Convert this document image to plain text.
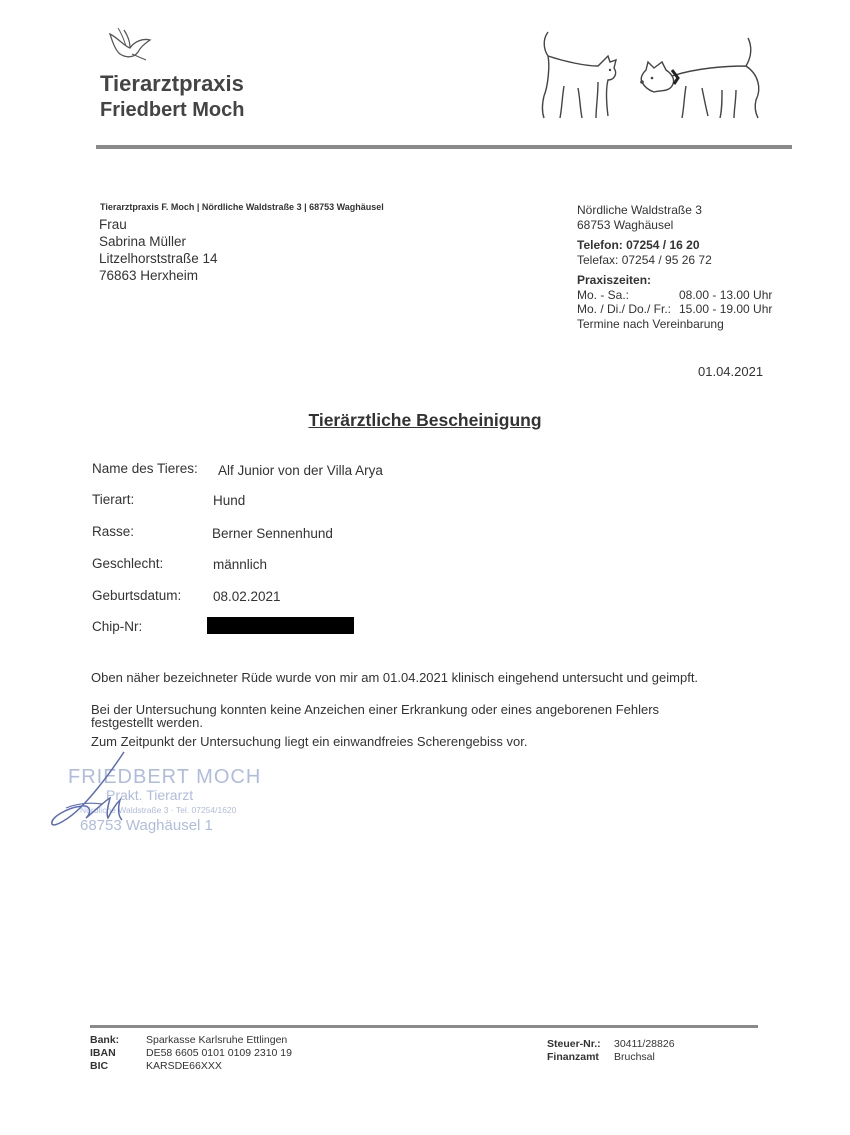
Tierarztpraxis
Friedbert Moch
Tierarztpraxis F. Moch | Nördliche Waldstraße 3 | 68753 Waghäusel
Frau
Sabrina Müller
Litzelhorststraße 14
76863 Herxheim
Nördliche Waldstraße 3
68753 Waghäusel
Telefon: 07254 / 16 20
Telefax: 07254 / 95 26 72
Praxiszeiten:
Mo. - Sa.:	08.00 - 13.00 Uhr
Mo. / Di./ Do./ Fr.: 15.00 - 19.00 Uhr
Termine nach Vereinbarung
01.04.2021
Tierärztliche Bescheinigung
Name des Tieres: Alf Junior von der Villa Arya
Tierart:	Hund
Rasse:	Berner Sennenhund
Geschlecht:	männlich
Geburtsdatum: 08.02.2021
Chip-Nr:
Oben näher bezeichneter Rüde wurde von mir am 01.04.2021 klinisch eingehend untersucht und geimpft.
Bei der Untersuchung konnten keine Anzeichen einer Erkrankung oder eines angeborenen Fehlers
festgestellt werden.
Zum Zeitpunkt der Untersuchung liegt ein einwandfreies Scherengebiss vor.
FRIEDBERT MOCH
Prakt. Tierarzt
Nördliche Waldstraße 3 · Tel. 07254/1620
68753 Waghäusel 1
Bank:	Sparkasse Karlsruhe Ettlingen
IBAN	DE58 6605 0101 0109 2310 19
BIC	KARSDE66XXX
Steuer-Nr.: 30411/28826
Finanzamt Bruchsal
